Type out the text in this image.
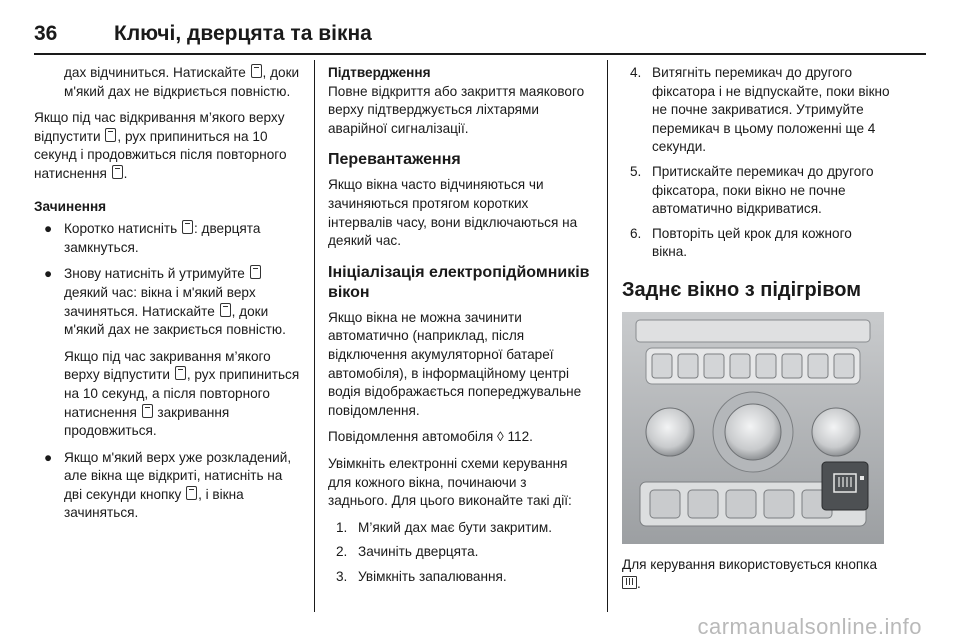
36	Ключі, дверцята та вікна

дах відчиниться. Натискайте , доки м'який дах не відкриється повністю.

Якщо під час відкривання м’якого верху відпустити , рух припиниться на 10 секунд і продовжиться після повторного натиснення .

Зачинення
● Коротко натисніть : дверцята замкнуться.
● Знову натисніть й утримуйте  деякий час: вікна і м'який верх зачиняться. Натискайте , доки м'який дах не закриється повністю.
Якщо під час закривання м’якого верху відпустити , рух припиниться на 10 секунд, а після повторного натиснення закривання продовжиться.
● Якщо м'який верх уже розкладений, але вікна ще відкриті, натисніть на дві секунди кнопку , і вікна зачиняться.
Підтвердження

Повне відкриття або закриття маякового верху підтверджується ліхтарями аварійної сигналізації.

Перевантаження

Якщо вікна часто відчиняються чи зачиняються протягом коротких інтервалів часу, вони відключаються на деякий час.

Ініціалізація електропідйомників вікон

Якщо вікна не можна зачинити автоматично (наприклад, після відключення акумуляторної батареї автомобіля), в інформаційному центрі водія відображається попереджувальне повідомлення.

Повідомлення автомобіля ◊ 112.

Увімкніть електронні схеми керування для кожного вікна, починаючи з заднього. Для цього виконайте такі дії:

1. М’який дах має бути закритим.
2. Зачиніть дверцята.
3. Увімкніть запалювання.
4. Витягніть перемикач до другого фіксатора і не відпускайте, поки вікно не почне закриватися. Утримуйте перемикач в цьому положенні ще 4 секунди.
5. Притискайте перемикач до другого фіксатора, поки вікно не почне автоматично відкриватися.
6. Повторіть цей крок для кожного вікна.
Заднє вікно з підігрівом

Для керування використовується кнопка .

carmanualsonline.info
